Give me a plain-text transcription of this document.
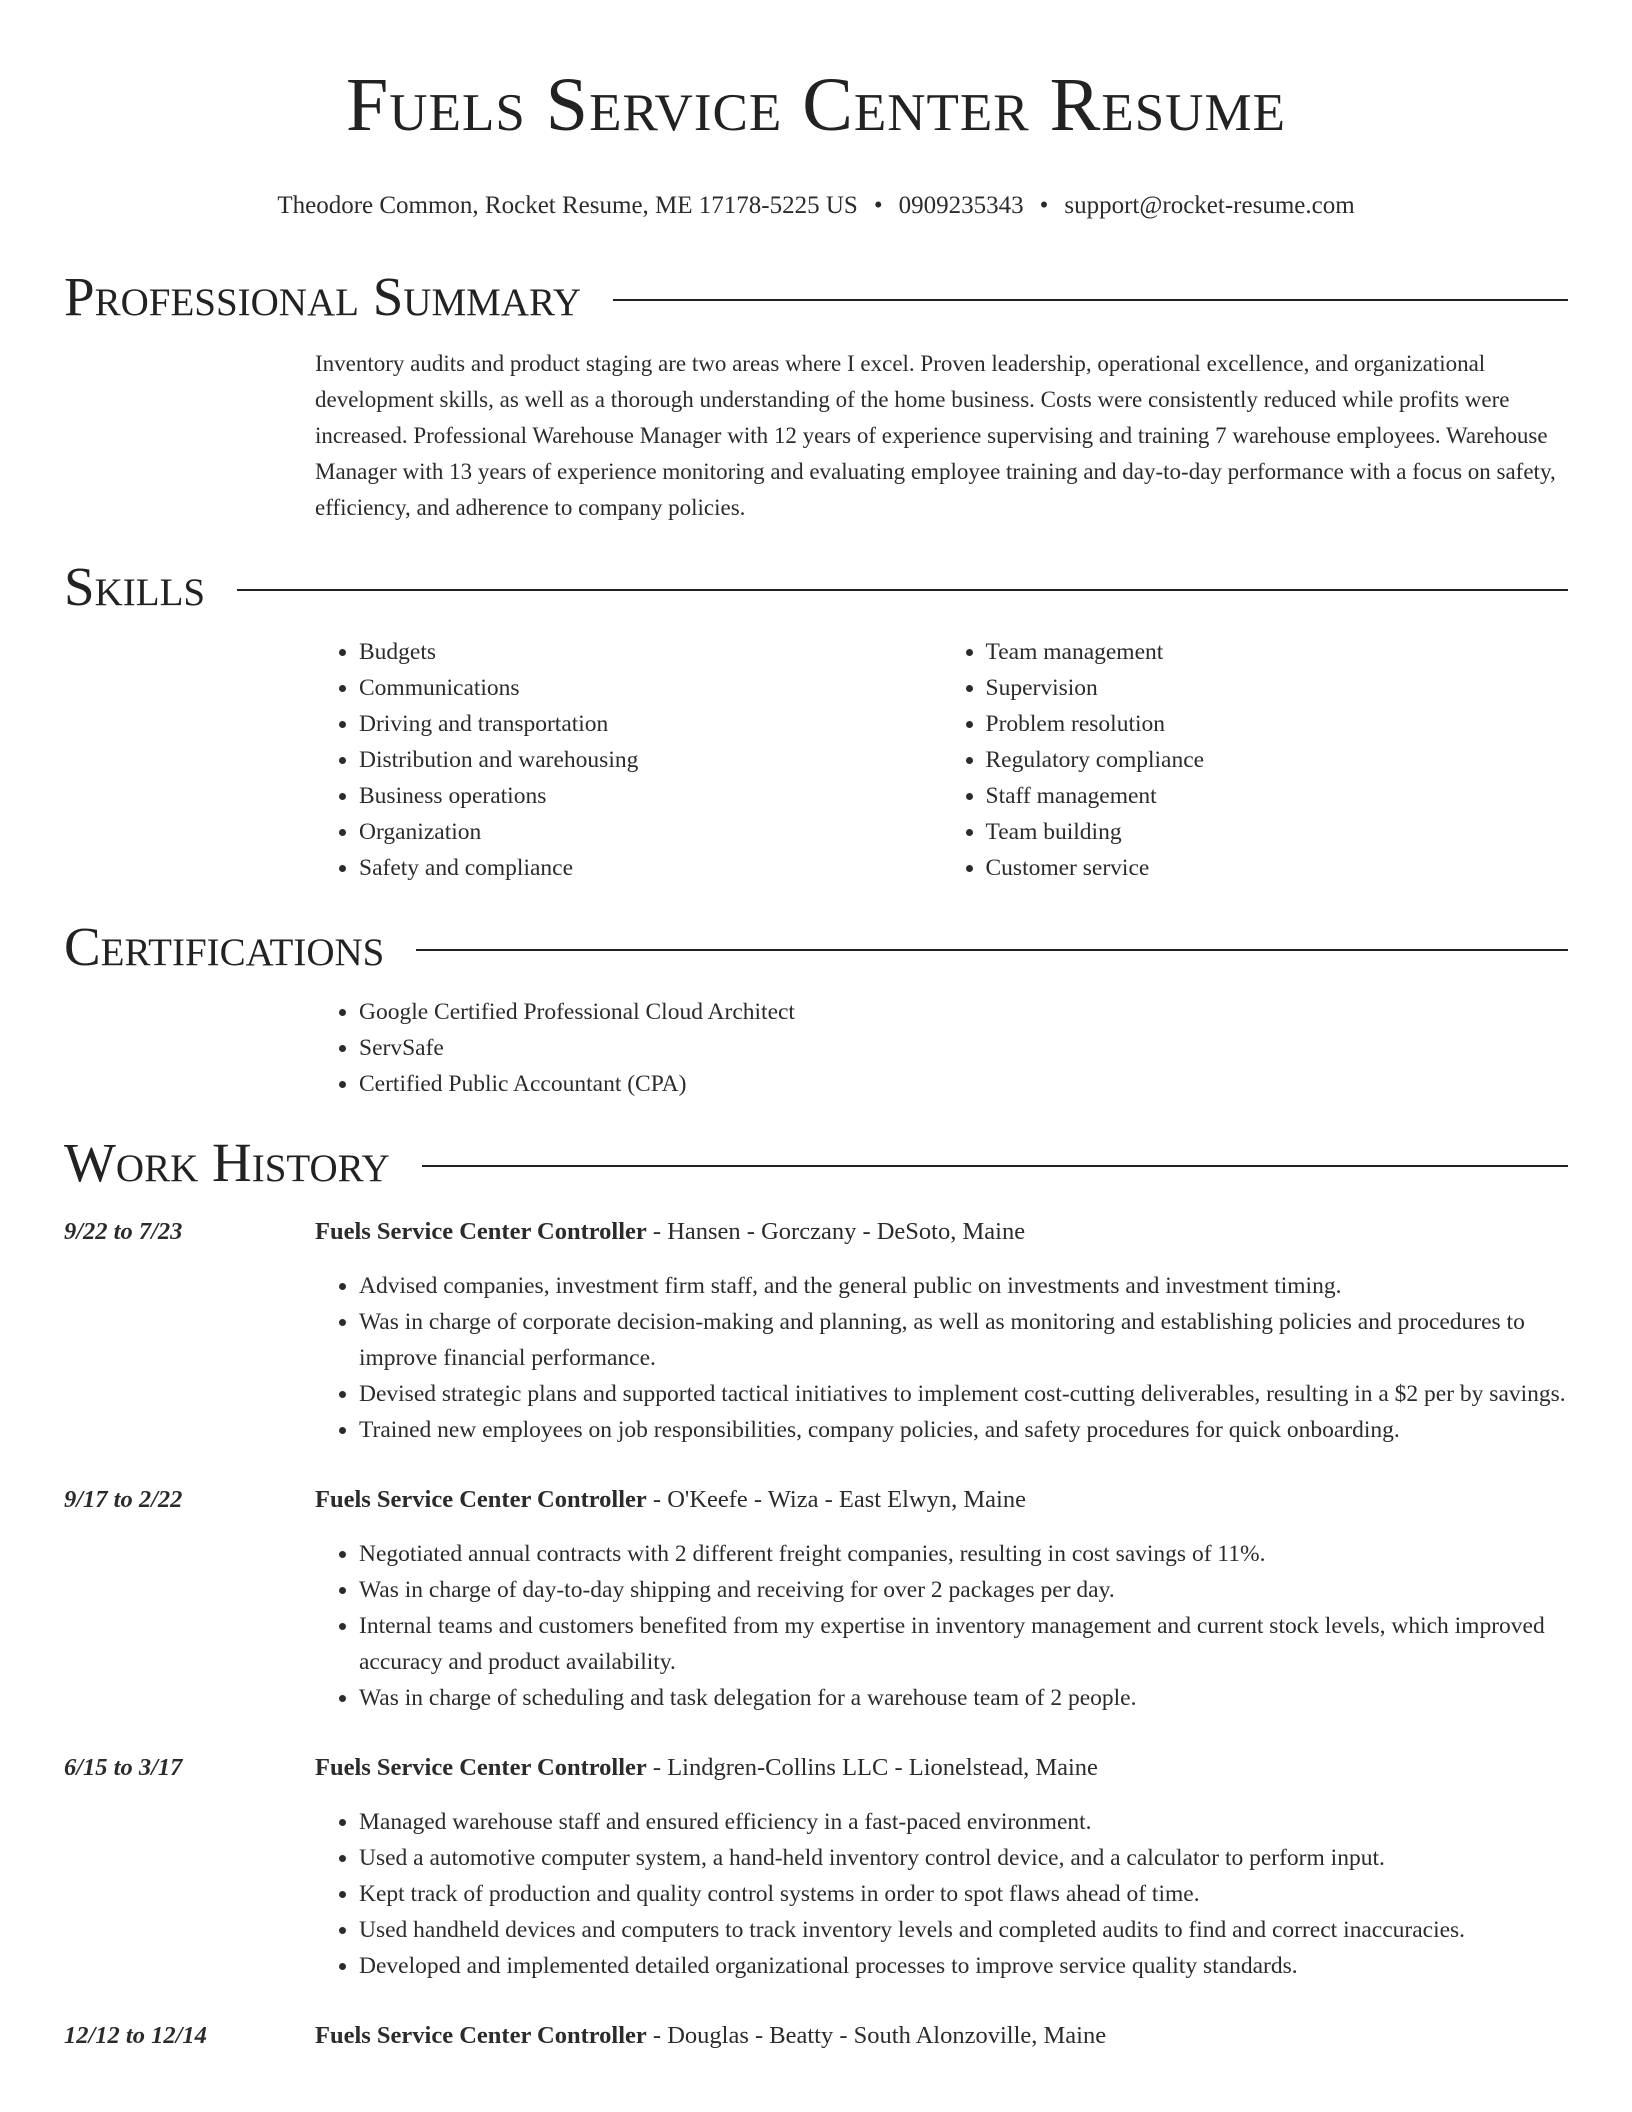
Fuels Service Center Resume
Theodore Common, Rocket Resume, ME 17178-5225 US • 0909235343 • support@rocket-resume.com
Professional Summary
Inventory audits and product staging are two areas where I excel. Proven leadership, operational excellence, and organizational development skills, as well as a thorough understanding of the home business. Costs were consistently reduced while profits were increased. Professional Warehouse Manager with 12 years of experience supervising and training 7 warehouse employees. Warehouse Manager with 13 years of experience monitoring and evaluating employee training and day-to-day performance with a focus on safety, efficiency, and adherence to company policies.
Skills
• Budgets
• Communications
• Driving and transportation
• Distribution and warehousing
• Business operations
• Organization
• Safety and compliance
• Team management
• Supervision
• Problem resolution
• Regulatory compliance
• Staff management
• Team building
• Customer service
Certifications
• Google Certified Professional Cloud Architect
• ServSafe
• Certified Public Accountant (CPA)
Work History
9/22 to 7/23	Fuels Service Center Controller - Hansen - Gorczany - DeSoto, Maine
• Advised companies, investment firm staff, and the general public on investments and investment timing.
• Was in charge of corporate decision-making and planning, as well as monitoring and establishing policies and procedures to improve financial performance.
• Devised strategic plans and supported tactical initiatives to implement cost-cutting deliverables, resulting in a $2 per by savings.
• Trained new employees on job responsibilities, company policies, and safety procedures for quick onboarding.
9/17 to 2/22	Fuels Service Center Controller - O'Keefe - Wiza - East Elwyn, Maine
• Negotiated annual contracts with 2 different freight companies, resulting in cost savings of 11%.
• Was in charge of day-to-day shipping and receiving for over 2 packages per day.
• Internal teams and customers benefited from my expertise in inventory management and current stock levels, which improved accuracy and product availability.
• Was in charge of scheduling and task delegation for a warehouse team of 2 people.
6/15 to 3/17	Fuels Service Center Controller - Lindgren-Collins LLC - Lionelstead, Maine
• Managed warehouse staff and ensured efficiency in a fast-paced environment.
• Used a automotive computer system, a hand-held inventory control device, and a calculator to perform input.
• Kept track of production and quality control systems in order to spot flaws ahead of time.
• Used handheld devices and computers to track inventory levels and completed audits to find and correct inaccuracies.
• Developed and implemented detailed organizational processes to improve service quality standards.
12/12 to 12/14	Fuels Service Center Controller - Douglas - Beatty - South Alonzoville, Maine
